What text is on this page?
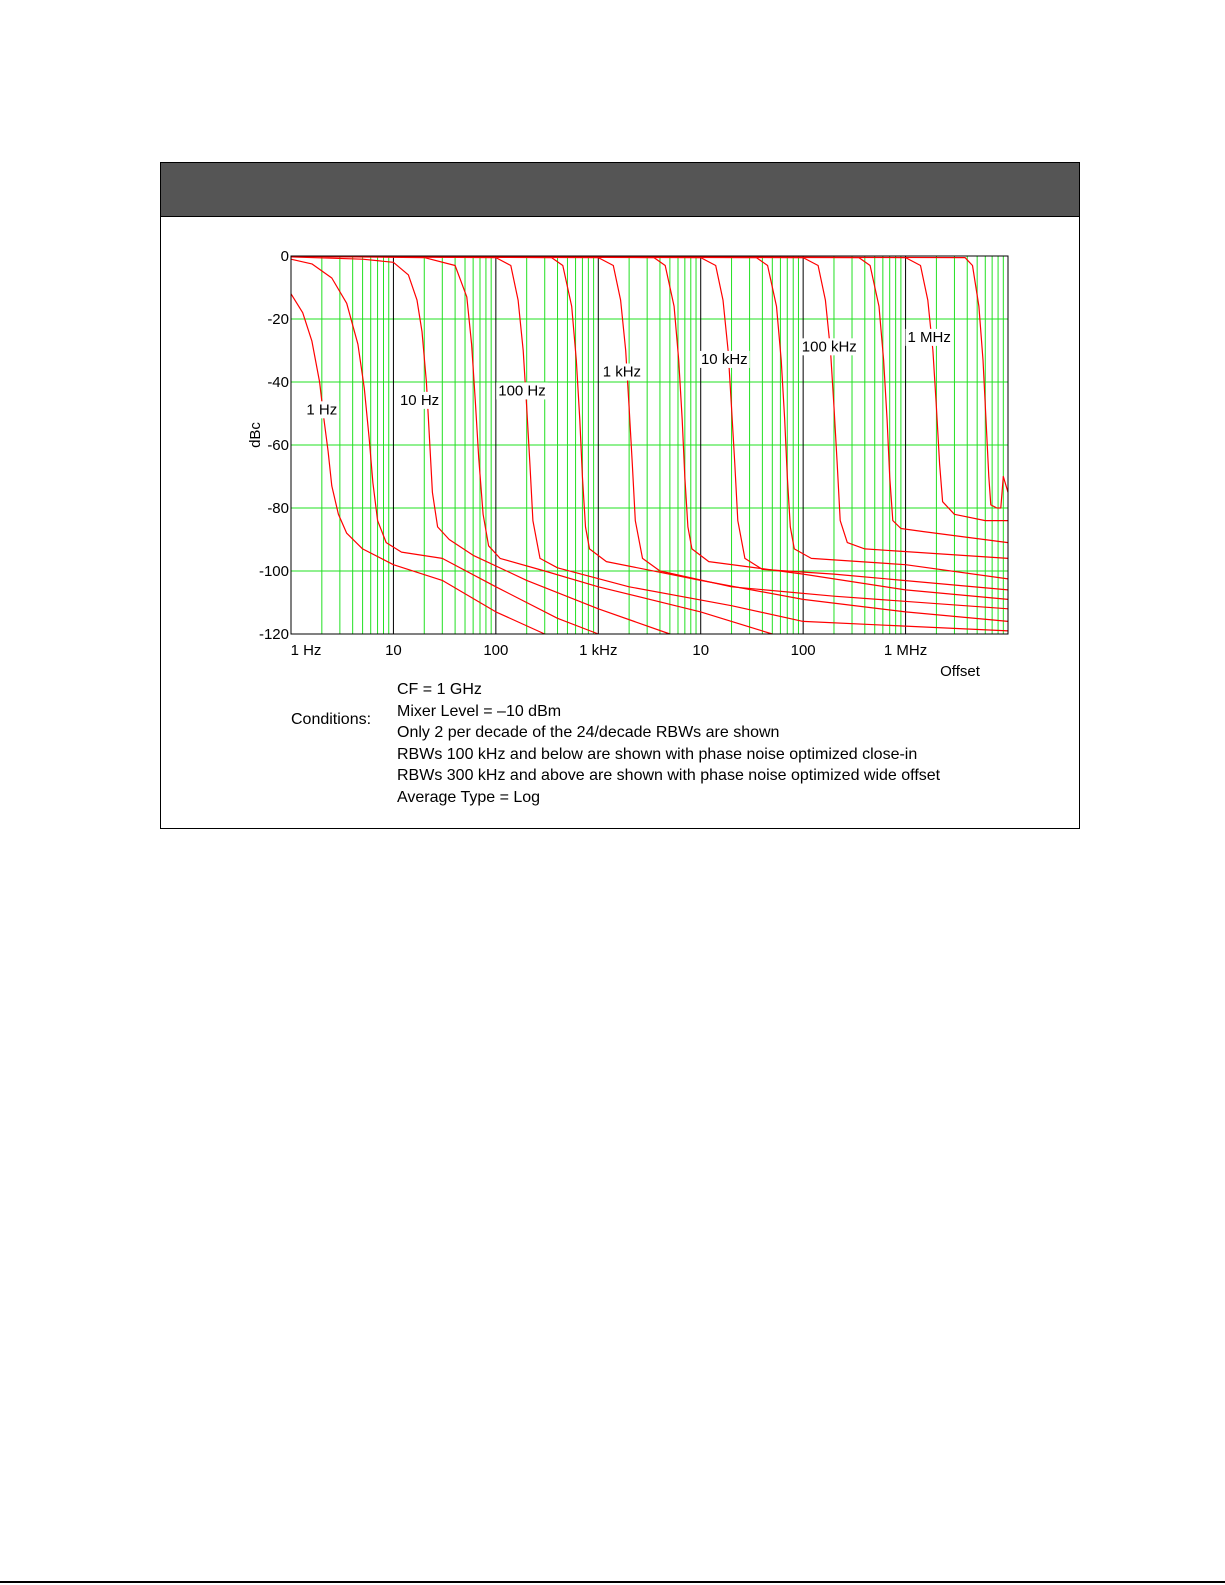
1 Hz
10 Hz
100 Hz
1 kHz
10 kHz
100 kHz
1 MHz
0
-20
-40
-60
-80
-100
-120
1 Hz	10	100	1 kHz	10	100	1 MHz
dBc
Offset
Conditions:
CF = 1 GHz
Mixer Level = –10 dBm
Only 2 per decade of the 24/decade RBWs are shown
RBWs 100 kHz and below are shown with phase noise optimized close-in
RBWs 300 kHz and above are shown with phase noise optimized wide offset
Average Type = Log
